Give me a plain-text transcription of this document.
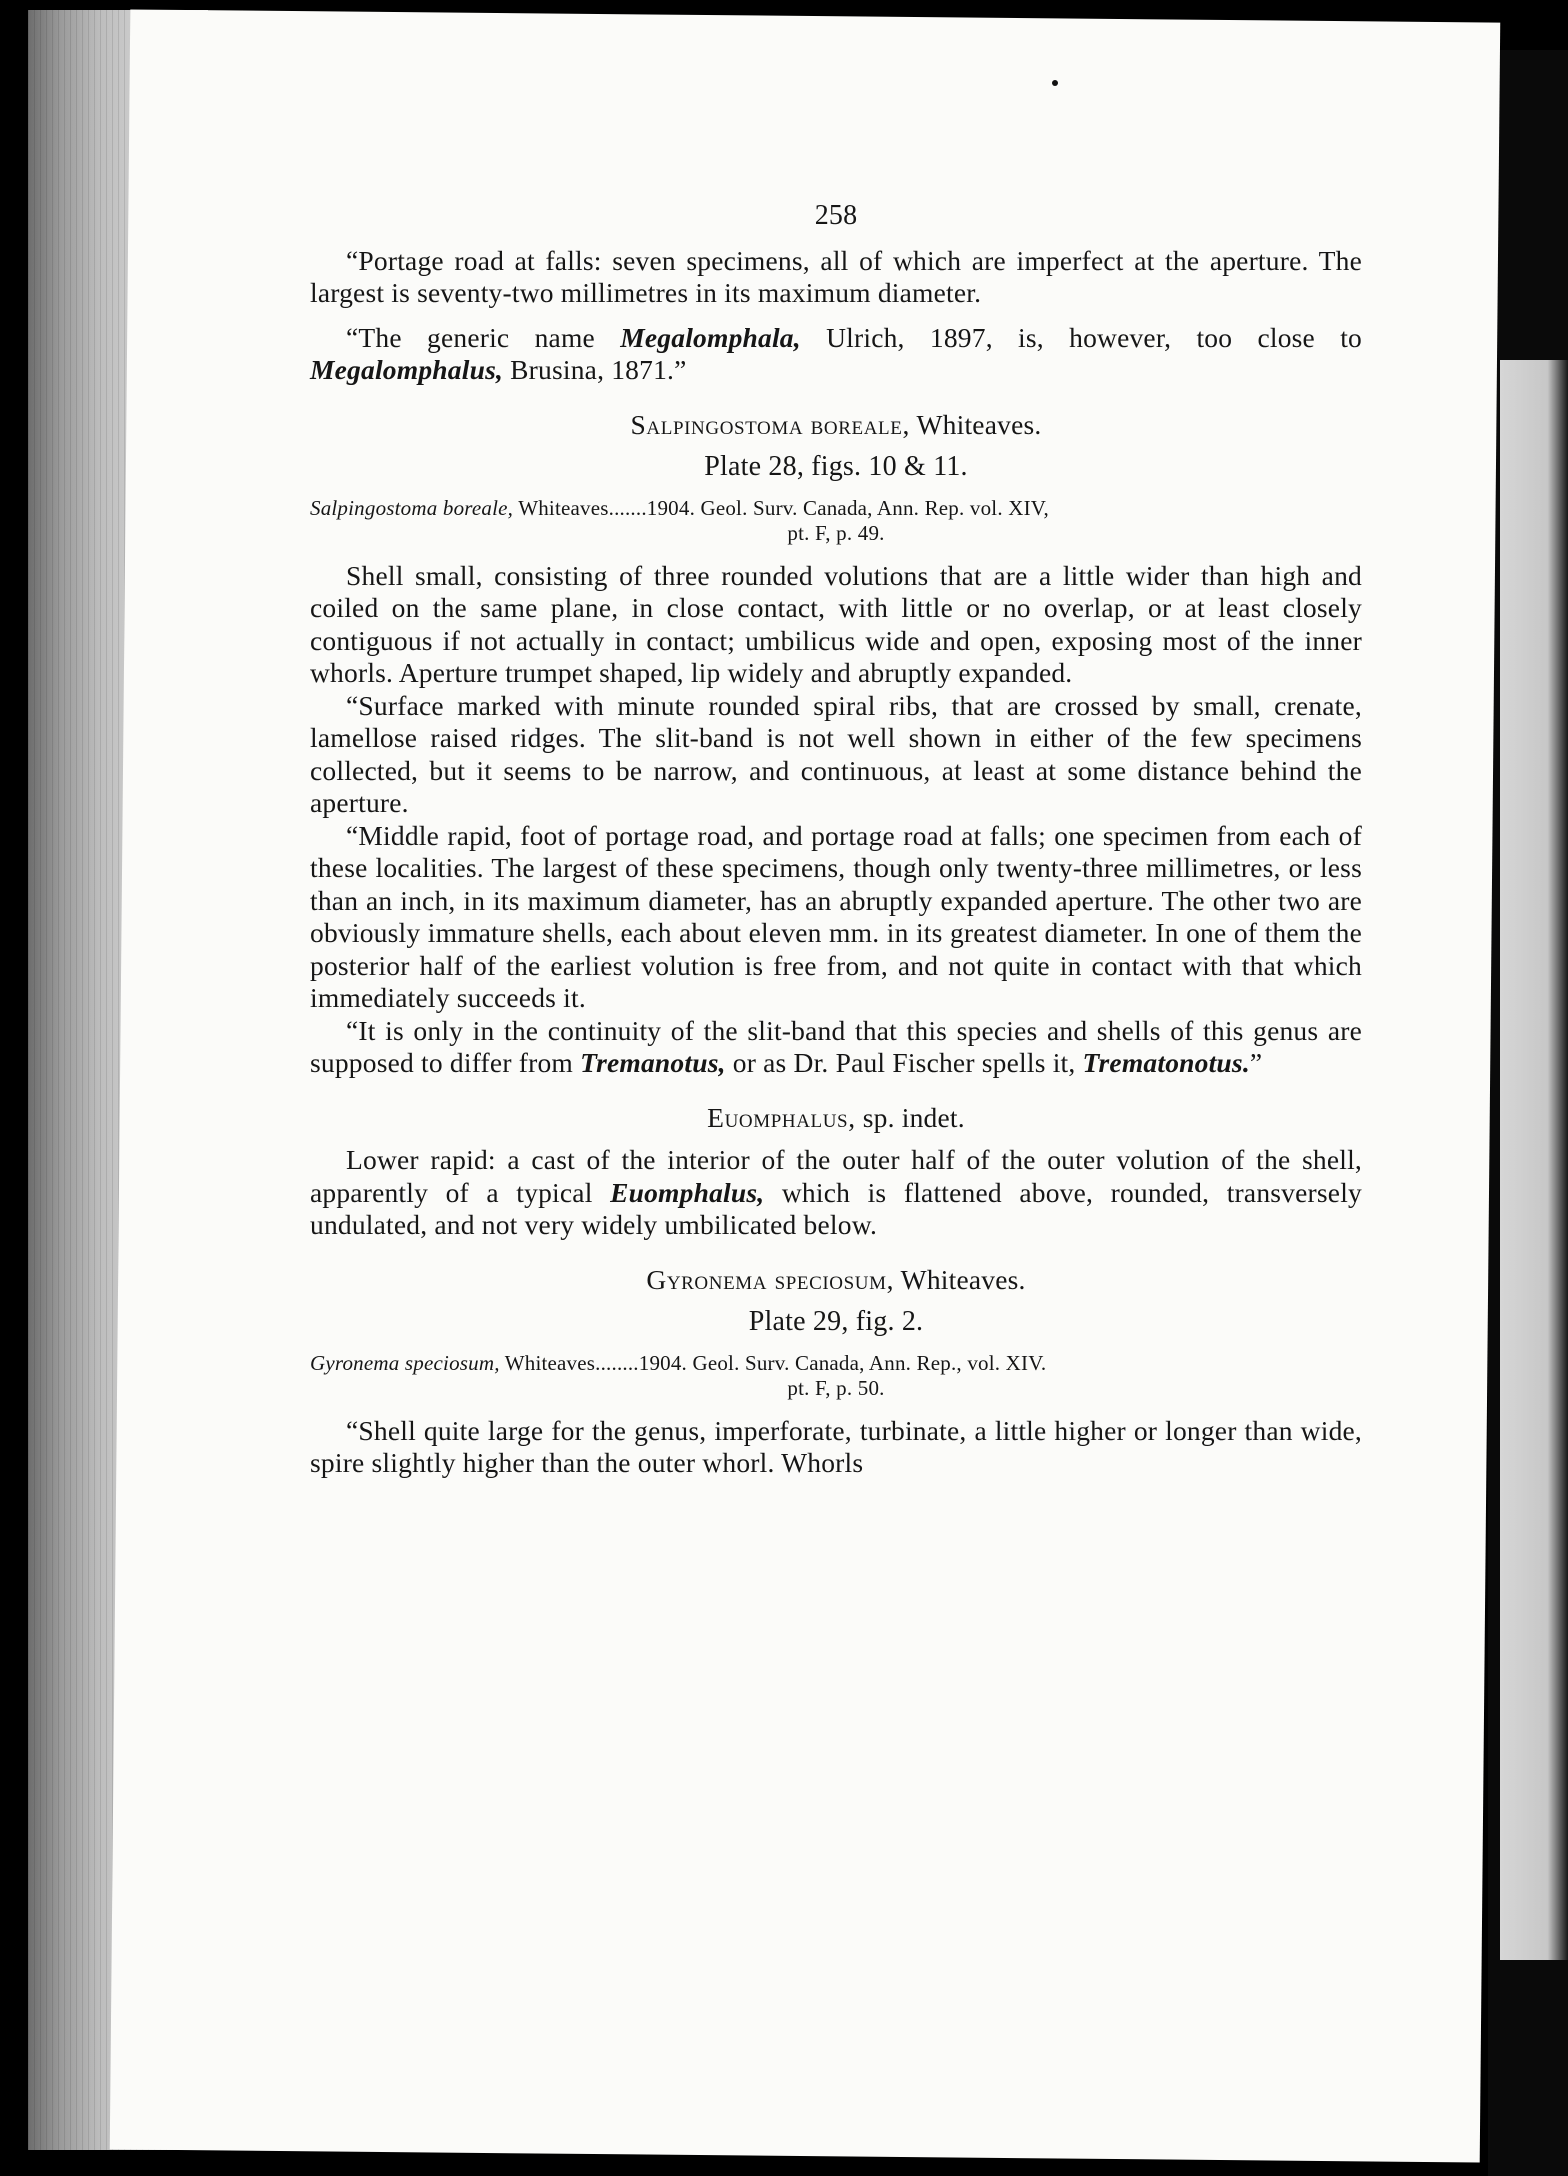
258

“Portage road at falls: seven specimens, all of which are imperfect at the aperture. The largest is seventy-two millimetres in its maximum diameter.

“The generic name Megalomphala, Ulrich, 1897, is, however, too close to Megalomphalus, Brusina, 1871.”

Salpingostoma boreale, Whiteaves.
Plate 28, figs. 10 & 11.
Salpingostoma boreale, Whiteaves.......1904. Geol. Surv. Canada, Ann. Rep. vol. XIV,
pt. F, p. 49.

Shell small, consisting of three rounded volutions that are a little wider than high and coiled on the same plane, in close contact, with little or no overlap, or at least closely contiguous if not actually in contact; umbilicus wide and open, exposing most of the inner whorls. Aperture trumpet shaped, lip widely and abruptly expanded.

“Surface marked with minute rounded spiral ribs, that are crossed by small, crenate, lamellose raised ridges. The slit-band is not well shown in either of the few specimens collected, but it seems to be narrow, and continuous, at least at some distance behind the aperture.

“Middle rapid, foot of portage road, and portage road at falls; one specimen from each of these localities. The largest of these specimens, though only twenty-three millimetres, or less than an inch, in its maximum diameter, has an abruptly expanded aperture. The other two are obviously immature shells, each about eleven mm. in its greatest diameter. In one of them the posterior half of the earliest volution is free from, and not quite in contact with that which immediately succeeds it.

“It is only in the continuity of the slit-band that this species and shells of this genus are supposed to differ from Tremanotus, or as Dr. Paul Fischer spells it, Trematonotus.”

Euomphalus, sp. indet.

Lower rapid: a cast of the interior of the outer half of the outer volution of the shell, apparently of a typical Euomphalus, which is flattened above, rounded, transversely undulated, and not very widely umbilicated below.

Gyronema speciosum, Whiteaves.
Plate 29, fig. 2.
Gyronema speciosum, Whiteaves........1904. Geol. Surv. Canada, Ann. Rep., vol. XIV.
pt. F, p. 50.

“Shell quite large for the genus, imperforate, turbinate, a little higher or longer than wide, spire slightly higher than the outer whorl. Whorls
